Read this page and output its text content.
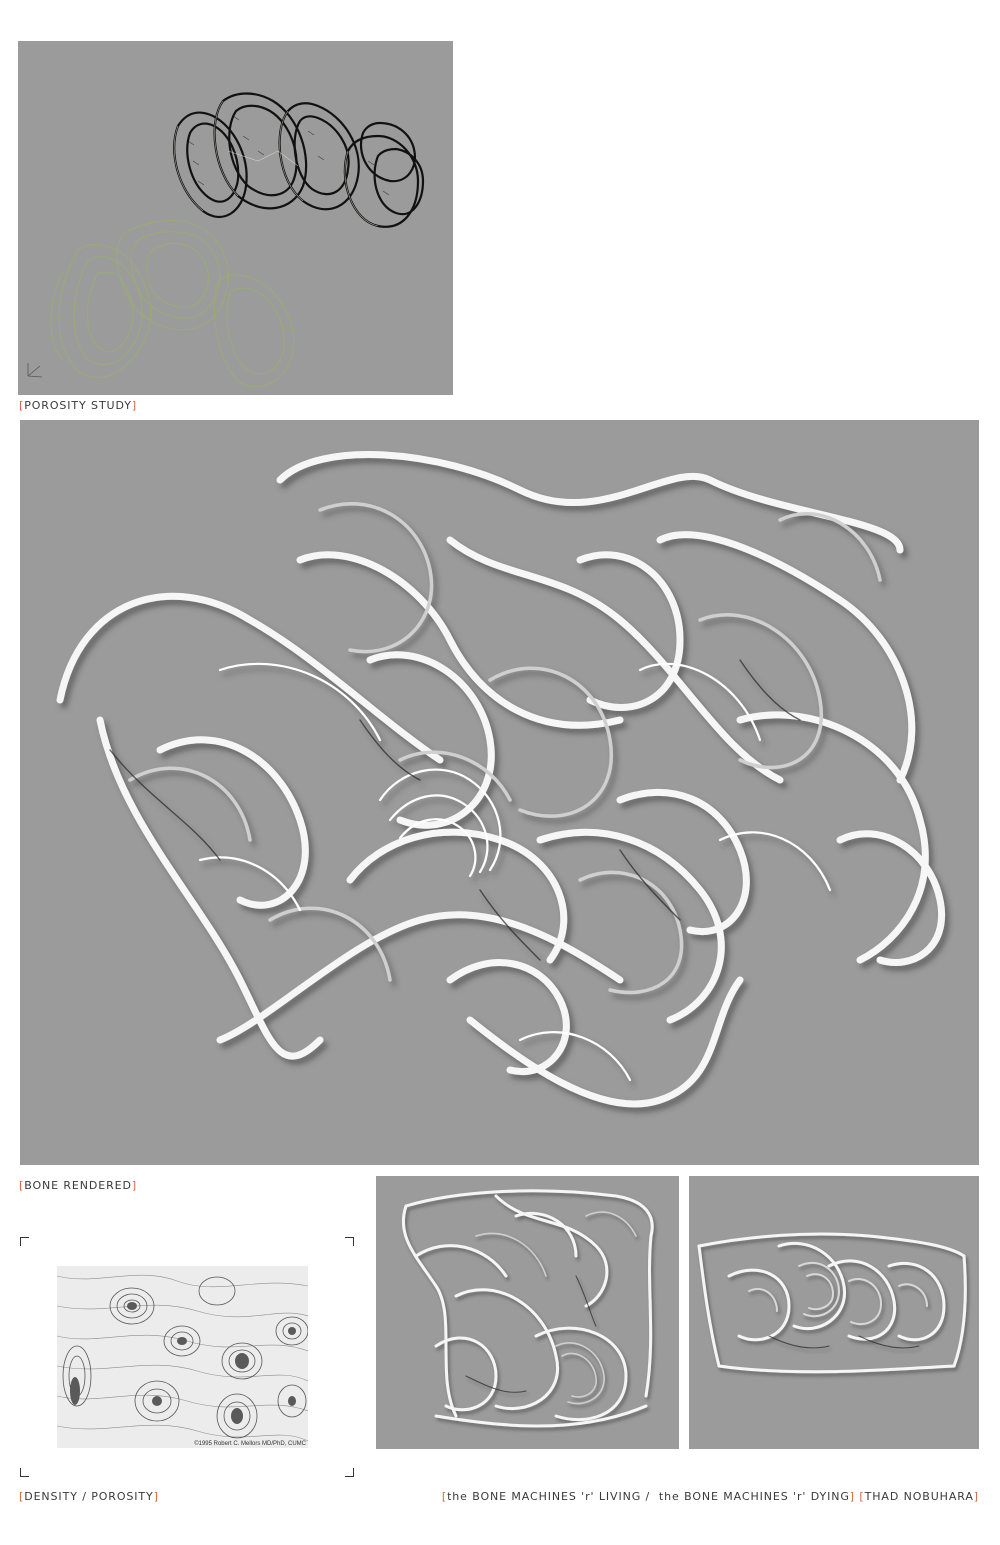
[POROSITY STUDY]
[BONE RENDERED]
©1995 Robert C. Mellors MD/PhD, CUMC
[DENSITY / POROSITY]	[the BONE MACHINES 'r' LIVING /  the BONE MACHINES 'r' DYING] [THAD NOBUHARA]
